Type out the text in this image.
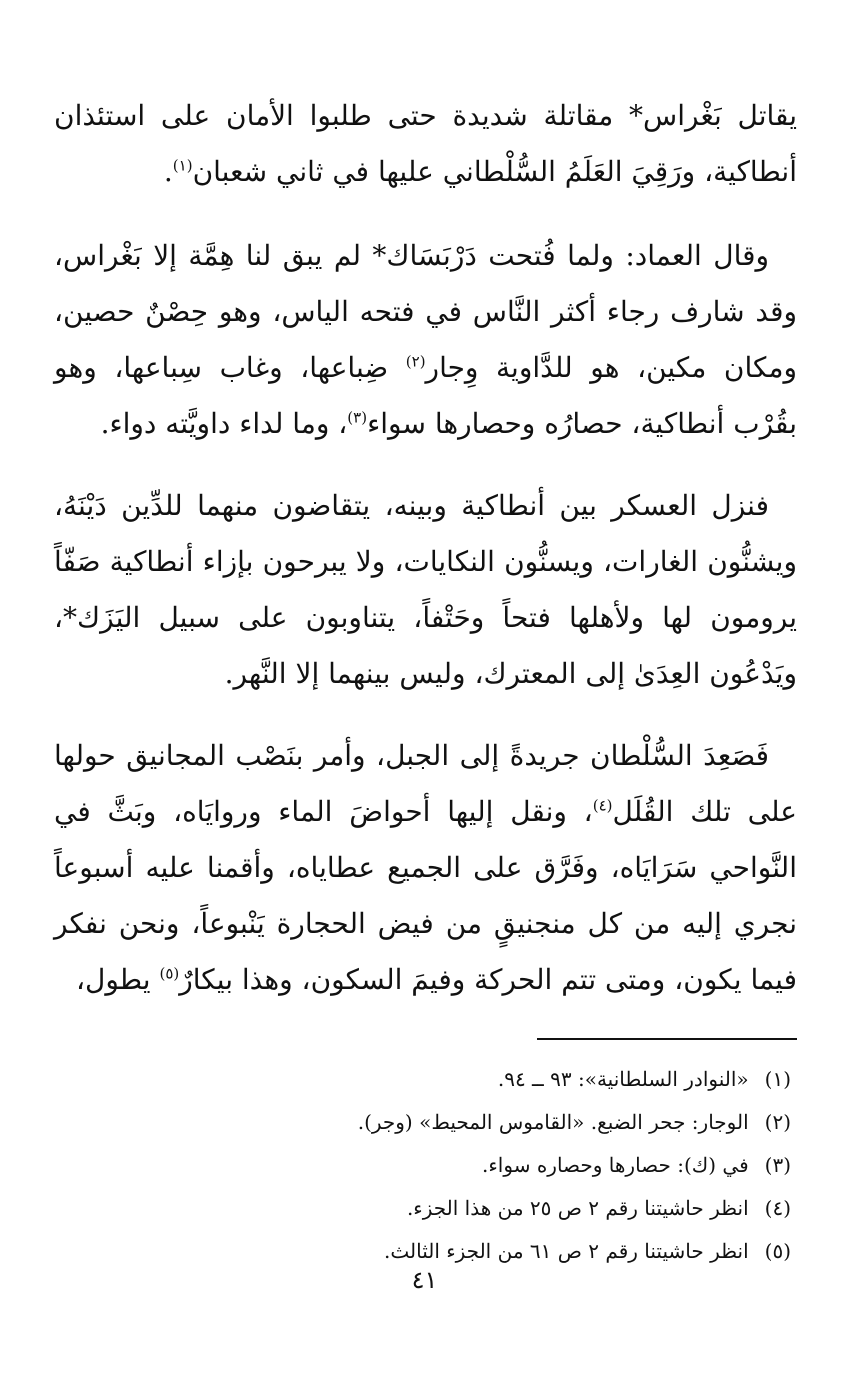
يقاتل بَغْراس* مقاتلة شديدة حتى طلبوا الأمان على استئذان أنطاكية، ورَقِيَ العَلَمُ السُّلْطاني عليها في ثاني شعبان$^{(١)}$.

وقال العماد: ولما فُتحت دَرْبَسَاك* لم يبق لنا هِمَّة إلا بَغْراس، وقد شارف رجاء أكثر النَّاس في فتحه الياس، وهو حِصْنٌ حصين، ومكان مكين، هو للدَّاوية وِجار$^{(٢)}$ ضِباعها، وغاب سِباعها، وهو بقُرْب أنطاكية، حصارُه وحصارها سواء$^{(٣)}$، وما لداء داويَّته دواء.

فنزل العسكر بين أنطاكية وبينه، يتقاضون منهما للدِّين دَيْنَهُ، ويشنُّون الغارات، ويسنُّون النكايات، ولا يبرحون بإزاء أنطاكية صَفّاً يرومون لها ولأهلها فتحاً وحَتْفاً، يتناوبون على سبيل اليَزَك*، ويَدْعُون العِدَىٰ إلى المعترك، وليس بينهما إلا النَّهر.

فَصَعِدَ السُّلْطان جريدةً إلى الجبل، وأمر بنَصْب المجانيق حولها على تلك القُلَل$^{(٤)}$، ونقل إليها أحواضَ الماء وروايَاه، وبَثَّ في النَّواحي سَرَايَاه، وفَرَّق على الجميع عطاياه، وأقمنا عليه أسبوعاً نجري إليه من كل منجنيقٍ من فيض الحجارة يَنْبوعاً، ونحن نفكر فيما يكون، ومتى تتم الحركة وفيمَ السكون، وهذا بيكارٌ$^{(٥)}$ يطول،

(١) «النوادر السلطانية»: ٩٣ ــ ٩٤.
(٢) الوجار: جحر الضبع. «القاموس المحيط» (وجر).
(٣) في (ك): حصارها وحصاره سواء.
(٤) انظر حاشيتنا رقم ٢ ص ٢٥ من هذا الجزء.
(٥) انظر حاشيتنا رقم ٢ ص ٦١ من الجزء الثالث.
٤١
